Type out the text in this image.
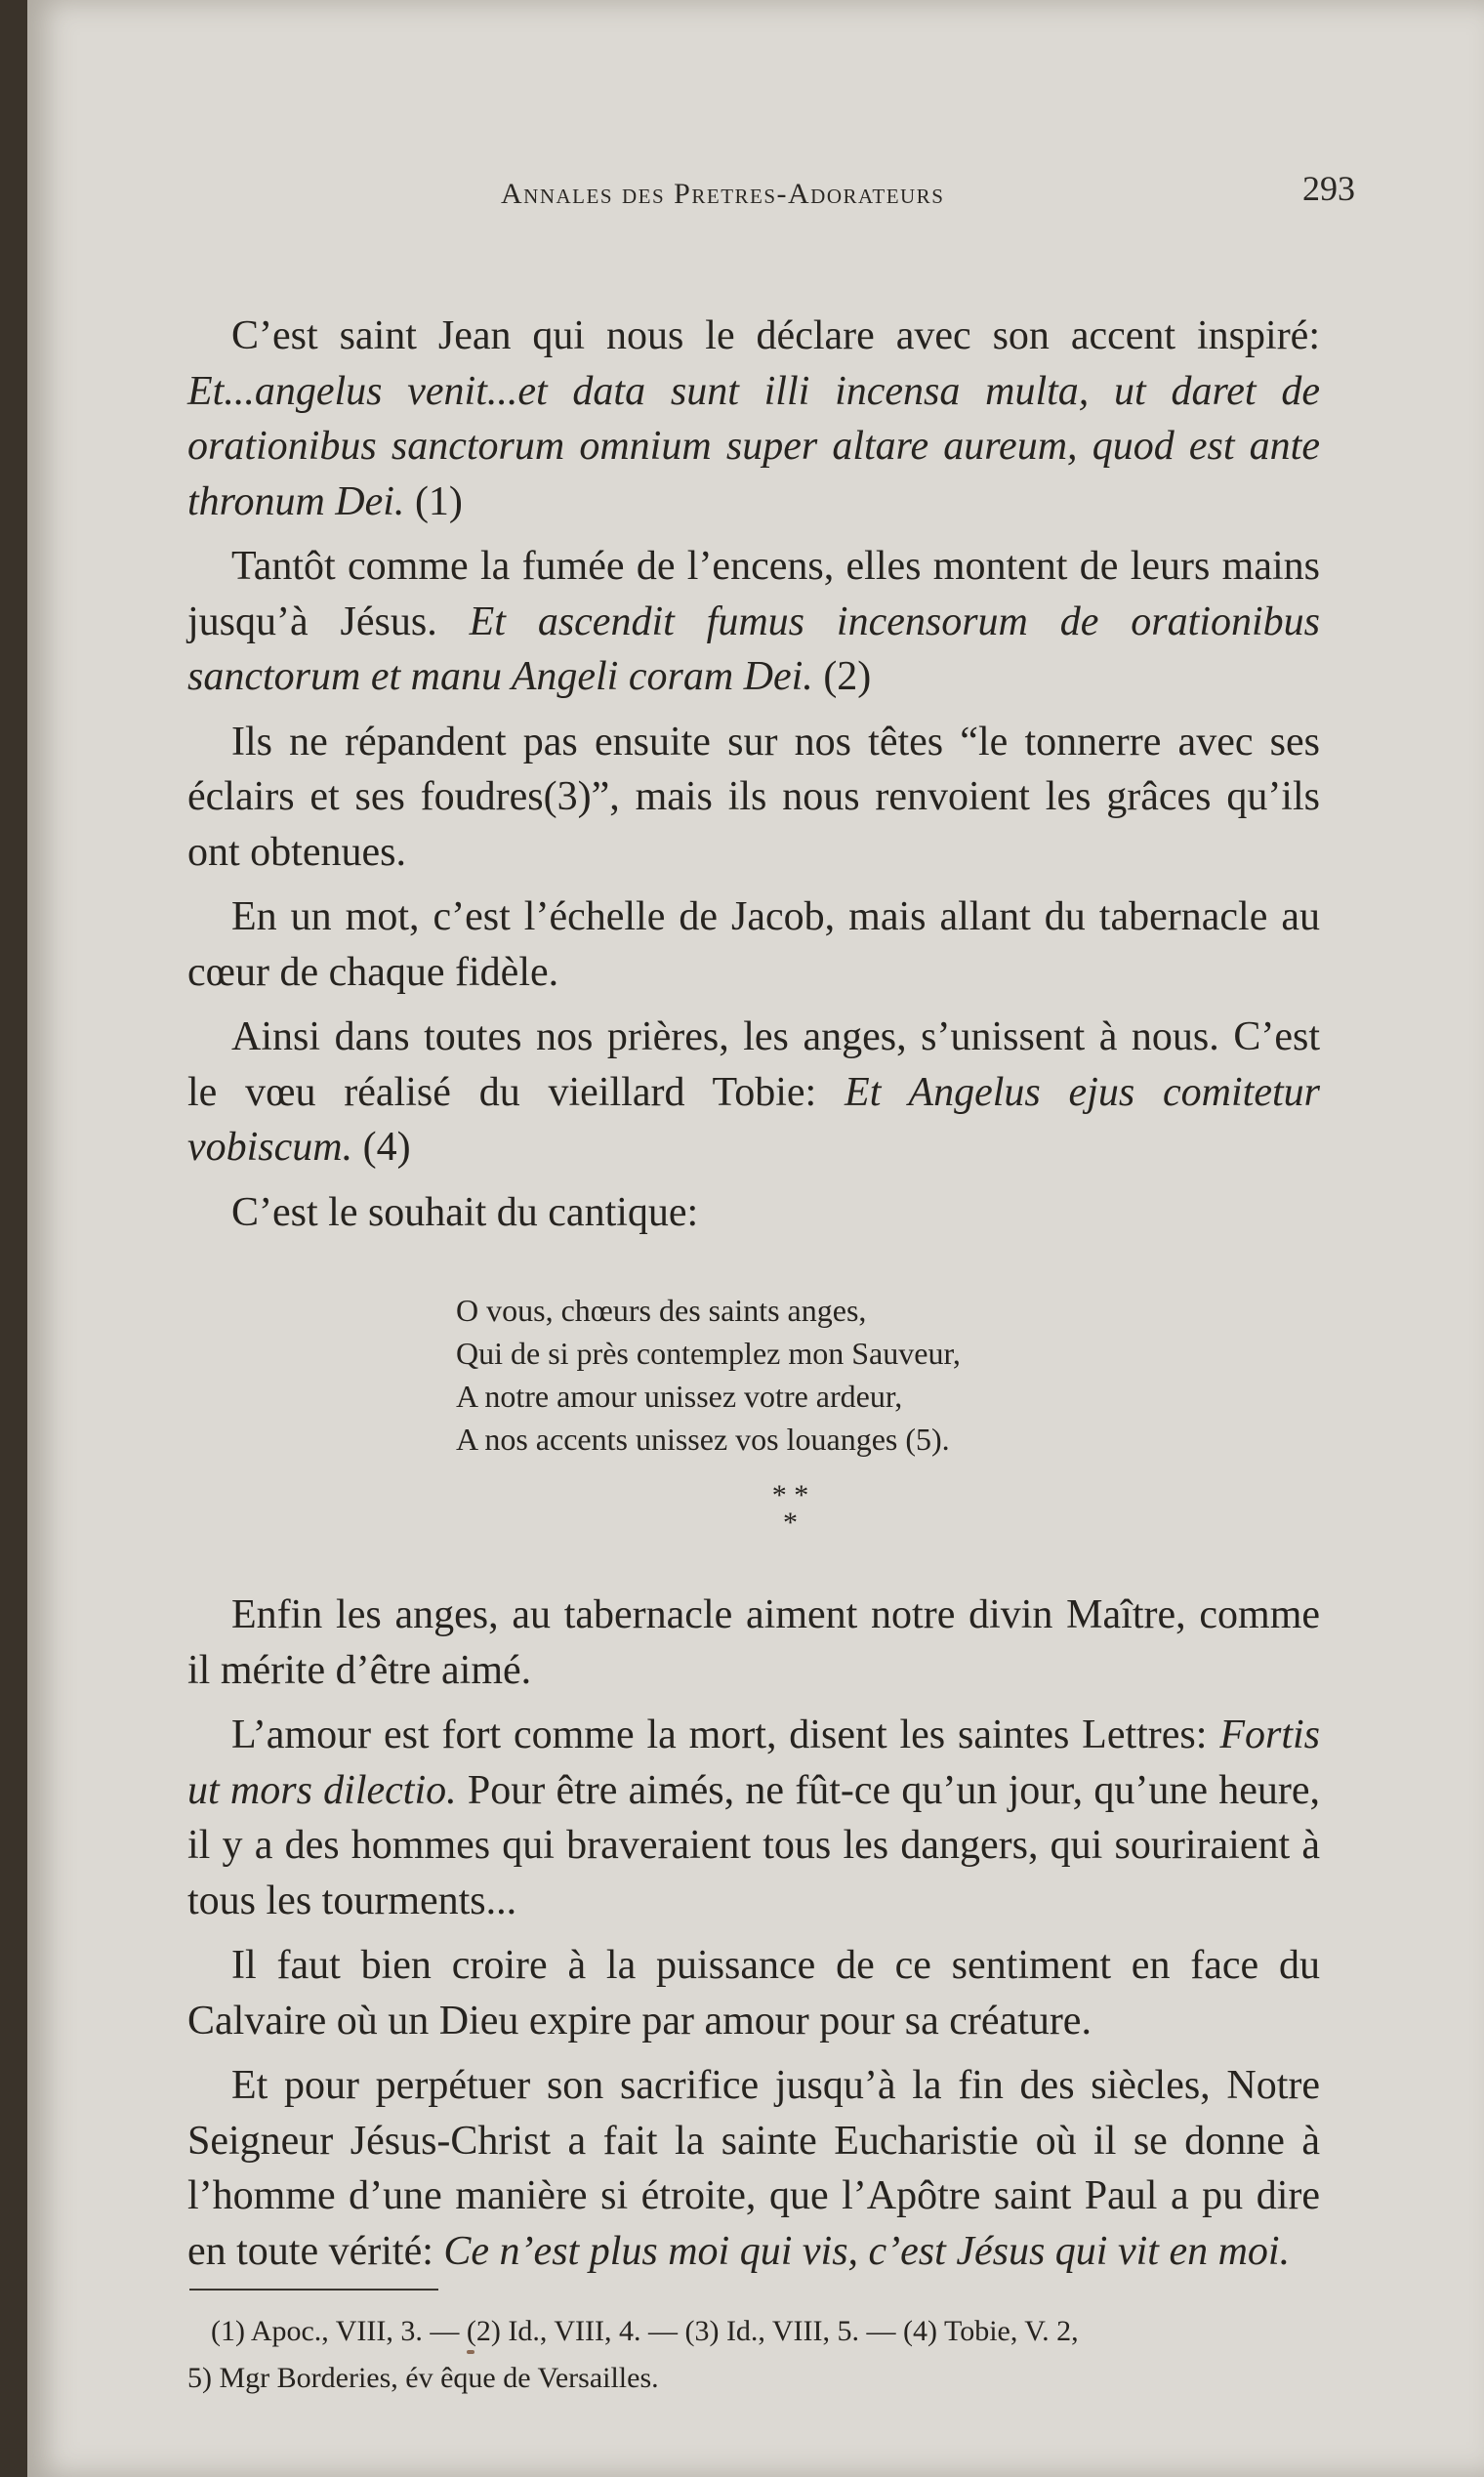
Annales des Pretres-Adorateurs	293

C’est saint Jean qui nous le déclare avec son accent inspiré: Et...angelus venit...et data sunt illi incensa multa, ut daret de orationibus sanctorum omnium super altare aureum, quod est ante thronum Dei. (1)

Tantôt comme la fumée de l’encens, elles montent de leurs mains jusqu’à Jésus. Et ascendit fumus incensorum de orationibus sanctorum et manu Angeli coram Dei. (2)

Ils ne répandent pas ensuite sur nos têtes “le tonnerre avec ses éclairs et ses foudres(3)”, mais ils nous renvoient les grâces qu’ils ont obtenues.

En un mot, c’est l’échelle de Jacob, mais allant du tabernacle au cœur de chaque fidèle.

Ainsi dans toutes nos prières, les anges, s’unissent à nous. C’est le vœu réalisé du vieillard Tobie: Et Angelus ejus comitetur vobiscum. (4)

C’est le souhait du cantique:

O vous, chœurs des saints anges,
Qui de si près contemplez mon Sauveur,
A notre amour unissez votre ardeur,
A nos accents unissez vos louanges (5).
* *
*

Enfin les anges, au tabernacle aiment notre divin Maître, comme il mérite d’être aimé.

L’amour est fort comme la mort, disent les saintes Lettres: Fortis ut mors dilectio. Pour être aimés, ne fût-ce qu’un jour, qu’une heure, il y a des hommes qui braveraient tous les dangers, qui souriraient à tous les tourments...

Il faut bien croire à la puissance de ce sentiment en face du Calvaire où un Dieu expire par amour pour sa créature.

Et pour perpétuer son sacrifice jusqu’à la fin des siècles, Notre Seigneur Jésus-Christ a fait la sainte Eucharistie où il se donne à l’homme d’une manière si étroite, que l’Apôtre saint Paul a pu dire en toute vérité: Ce n’est plus moi qui vis, c’est Jésus qui vit en moi.

(1) Apoc., VIII, 3. — (2) Id., VIII, 4. — (3) Id., VIII, 5. — (4) Tobie, V. 2,
5) Mgr Borderies, év êque de Versailles.
